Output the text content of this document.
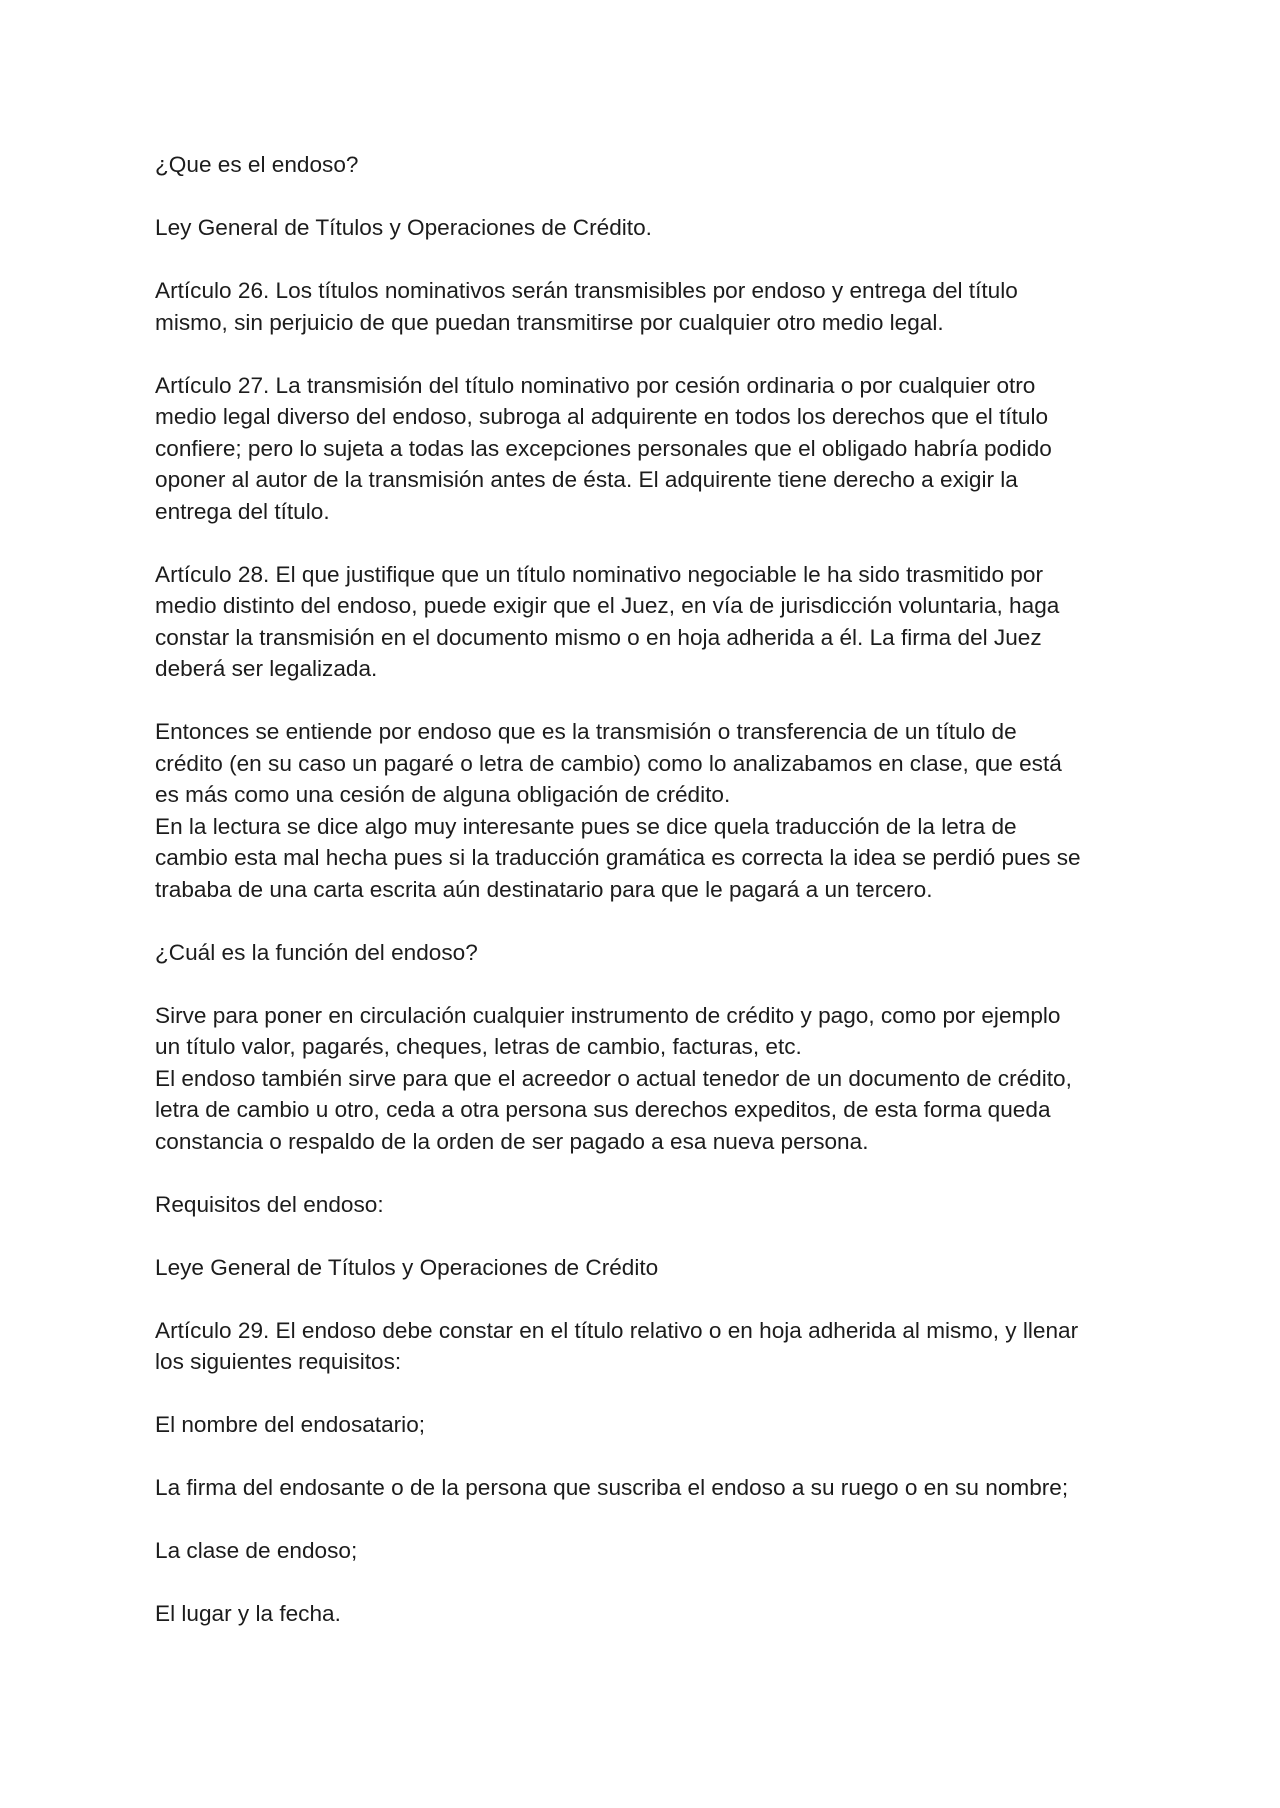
¿Que es el endoso?

Ley General de Títulos y Operaciones de Crédito.

Artículo 26. Los títulos nominativos serán transmisibles por endoso y entrega del título
mismo, sin perjuicio de que puedan transmitirse por cualquier otro medio legal.

Artículo 27. La transmisión del título nominativo por cesión ordinaria o por cualquier otro
medio legal diverso del endoso, subroga al adquirente en todos los derechos que el título
confiere; pero lo sujeta a todas las excepciones personales que el obligado habría podido
oponer al autor de la transmisión antes de ésta. El adquirente tiene derecho a exigir la
entrega del título.

Artículo 28. El que justifique que un título nominativo negociable le ha sido trasmitido por
medio distinto del endoso, puede exigir que el Juez, en vía de jurisdicción voluntaria, haga
constar la transmisión en el documento mismo o en hoja adherida a él. La firma del Juez
deberá ser legalizada.

Entonces se entiende por endoso que es la transmisión o transferencia de un título de
crédito (en su caso un pagaré o letra de cambio) como lo analizabamos en clase, que está
es más como una cesión de alguna obligación de crédito.

En la lectura se dice algo muy interesante pues se dice quela traducción de la letra de
cambio esta mal hecha pues si la traducción gramática es correcta la idea se perdió pues se
trababa de una carta escrita aún destinatario para que le pagará a un tercero.

¿Cuál es la función del endoso?

Sirve para poner en circulación cualquier instrumento de crédito y pago, como por ejemplo
un título valor, pagarés, cheques, letras de cambio, facturas, etc.

El endoso también sirve para que el acreedor o actual tenedor de un documento de crédito,
letra de cambio u otro, ceda a otra persona sus derechos expeditos, de esta forma queda
constancia o respaldo de la orden de ser pagado a esa nueva persona.

Requisitos del endoso:

Leye General de Títulos y Operaciones de Crédito

Artículo 29. El endoso debe constar en el título relativo o en hoja adherida al mismo, y llenar
los siguientes requisitos:

El nombre del endosatario;

La firma del endosante o de la persona que suscriba el endoso a su ruego o en su nombre;

La clase de endoso;

El lugar y la fecha.
